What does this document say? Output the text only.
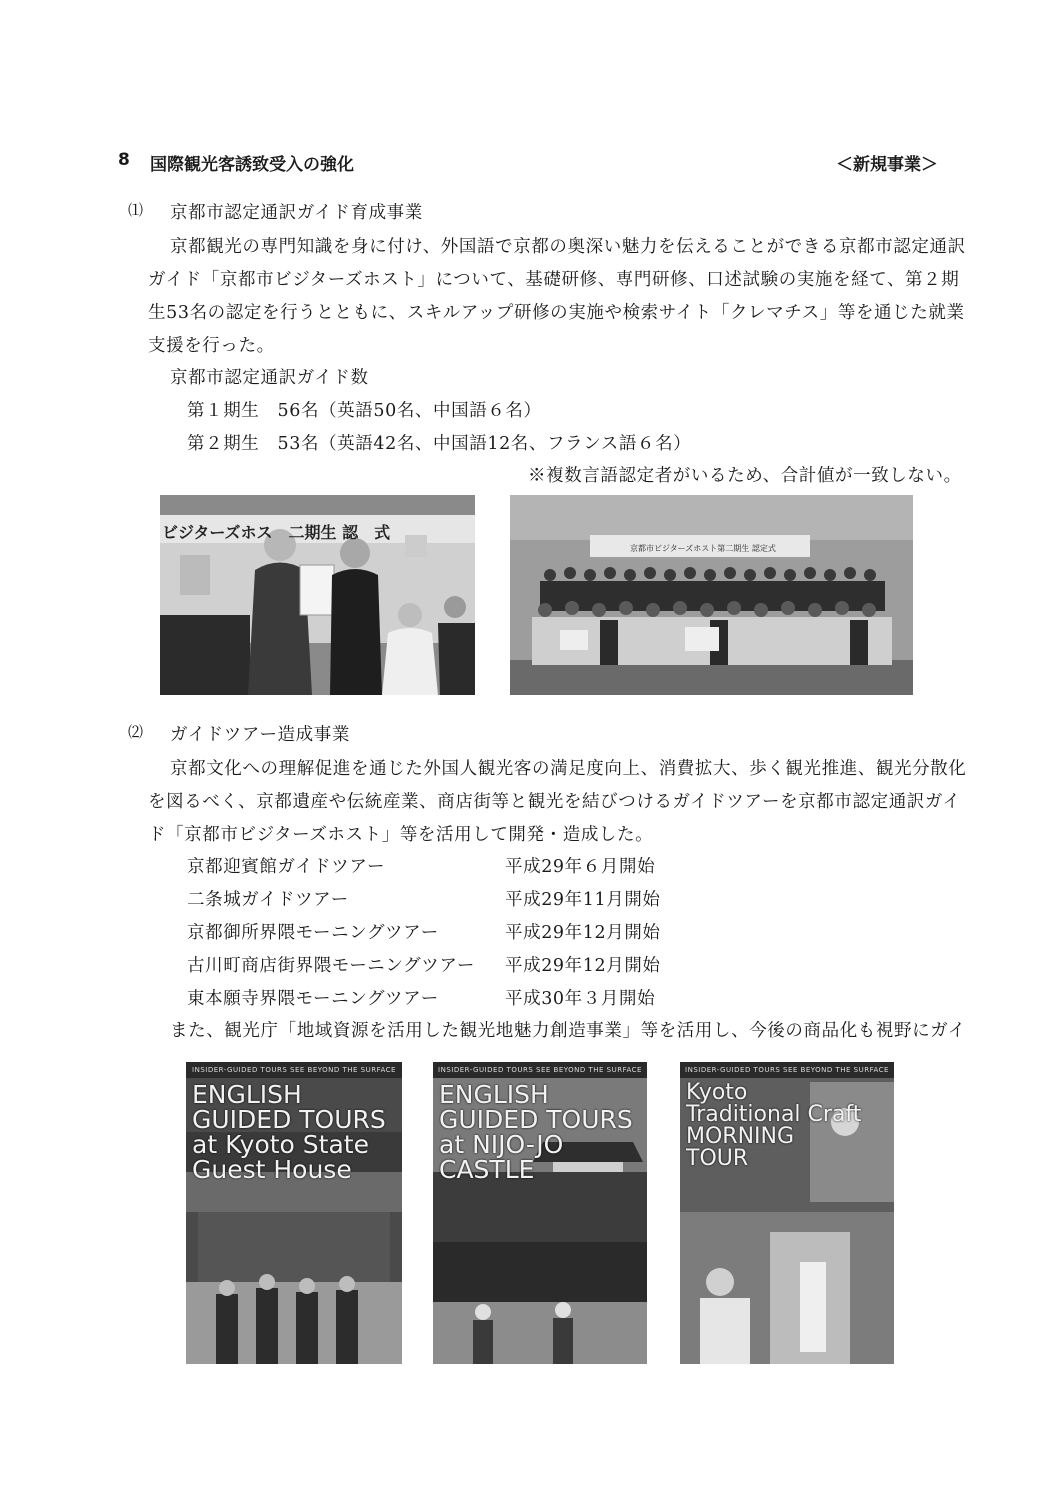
8 国際観光客誘致受入の強化	＜新規事業＞
⑴ 京都市認定通訳ガイド育成事業
京都観光の専門知識を身に付け、外国語で京都の奥深い魅力を伝えることができる京都市認定通訳
ガイド「京都市ビジターズホスト」について、基礎研修、専門研修、口述試験の実施を経て、第２期
生53名の認定を行うとともに、スキルアップ研修の実施や検索サイト「クレマチス」等を通じた就業
支援を行った。
京都市認定通訳ガイド数
第１期生　56名（英語50名、中国語６名）
第２期生　53名（英語42名、中国語12名、フランス語６名）
※複数言語認定者がいるため、合計値が一致しない。
ビジターズホス　二期生 認　式
京都市ビジターズホスト第二期生 認定式
⑵ ガイドツアー造成事業
京都文化への理解促進を通じた外国人観光客の満足度向上、消費拡大、歩く観光推進、観光分散化
を図るべく、京都遺産や伝統産業、商店街等と観光を結びつけるガイドツアーを京都市認定通訳ガイ
ド「京都市ビジターズホスト」等を活用して開発・造成した。
京都迎賓館ガイドツアー	平成29年６月開始
二条城ガイドツアー	平成29年11月開始
京都御所界隈モーニングツアー	平成29年12月開始
古川町商店街界隈モーニングツアー 平成29年12月開始
東本願寺界隈モーニングツアー	平成30年３月開始
また、観光庁「地域資源を活用した観光地魅力創造事業」等を活用し、今後の商品化も視野にガイ
INSIDER-GUIDED TOURS SEE BEYOND THE SURFACE
ENGLISH
GUIDED TOURS
at Kyoto State
Guest House
INSIDER-GUIDED TOURS SEE BEYOND THE SURFACE
ENGLISH
GUIDED TOURS
at NIJO-JO
CASTLE
INSIDER-GUIDED TOURS SEE BEYOND THE SURFACE
Kyoto
Traditional Craft
MORNING
TOUR
